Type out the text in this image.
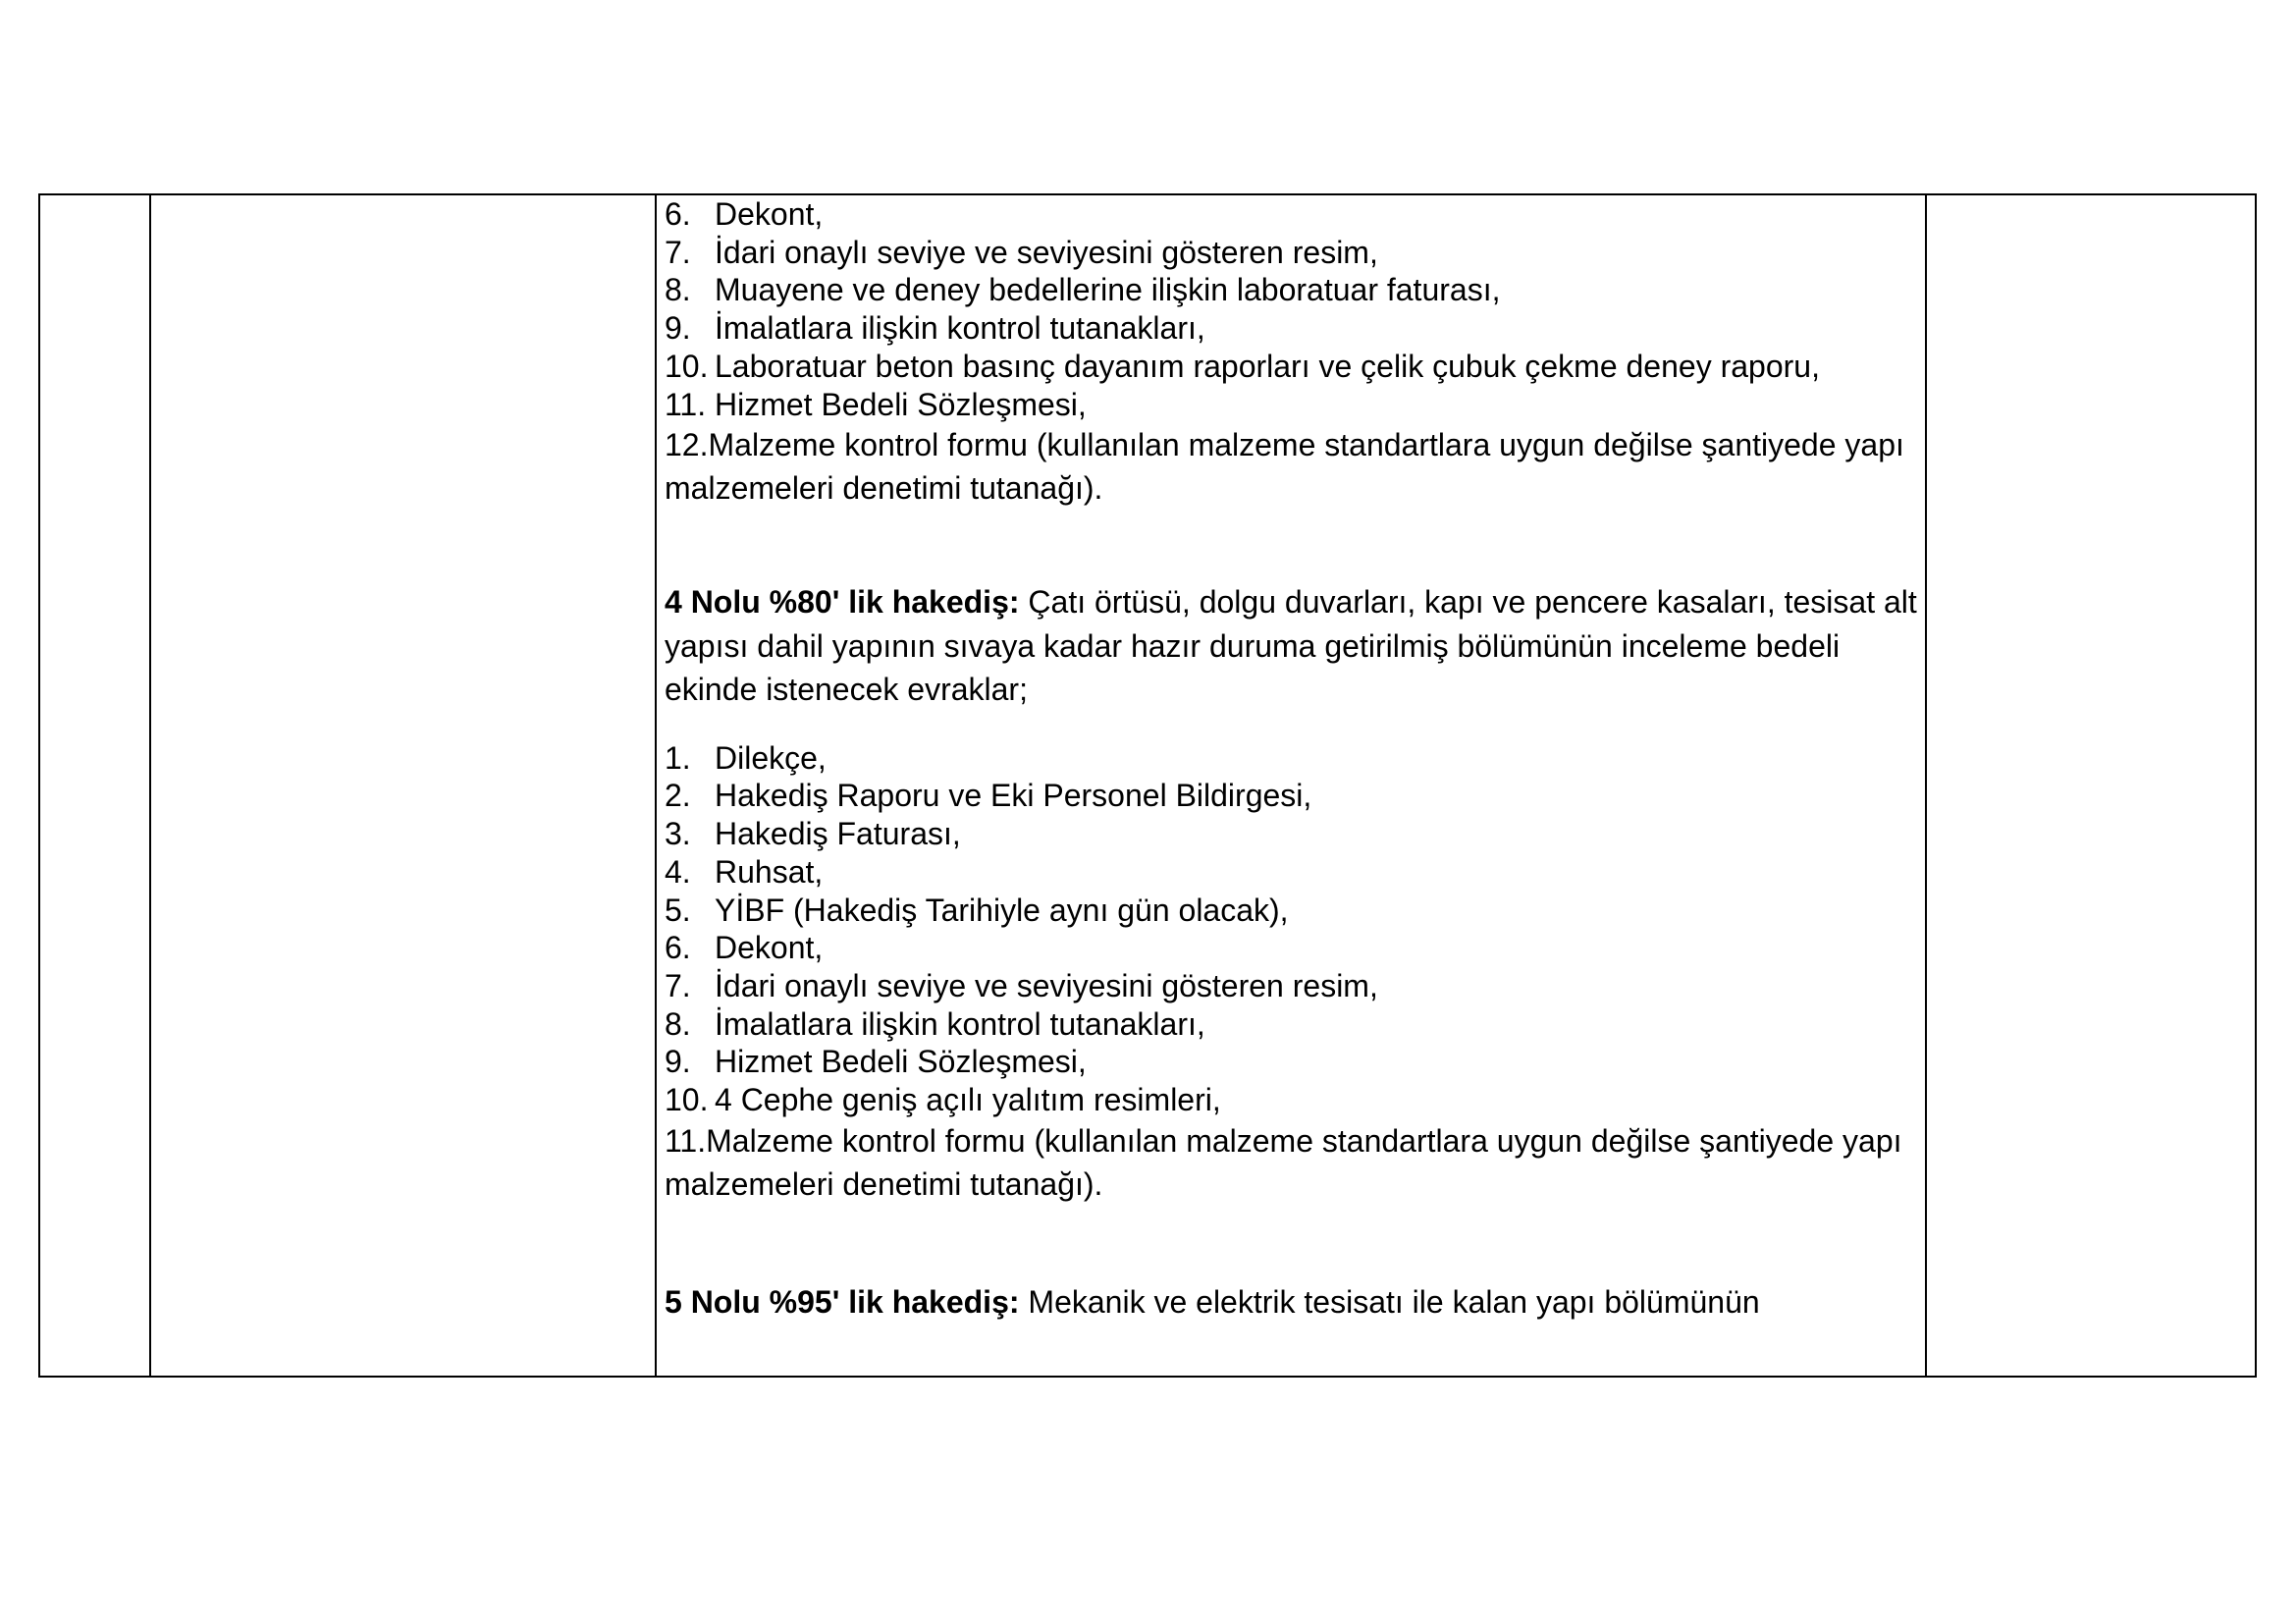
6. Dekont,
7. İdari onaylı seviye ve seviyesini gösteren resim,
8. Muayene ve deney bedellerine ilişkin laboratuar faturası,
9. İmalatlara ilişkin kontrol tutanakları,
10. Laboratuar beton basınç dayanım raporları ve çelik çubuk çekme deney raporu,
11. Hizmet Bedeli Sözleşmesi,
12.Malzeme kontrol formu (kullanılan malzeme standartlara uygun değilse şantiyede yapı malzemeleri denetimi tutanağı).

4 Nolu %80' lik hakediş: Çatı örtüsü, dolgu duvarları, kapı ve pencere kasaları, tesisat alt yapısı dahil yapının sıvaya kadar hazır duruma getirilmiş bölümünün inceleme bedeli ekinde istenecek evraklar;

1. Dilekçe,
2. Hakediş Raporu ve Eki Personel Bildirgesi,
3. Hakediş Faturası,
4. Ruhsat,
5. YİBF (Hakediş Tarihiyle aynı gün olacak),
6. Dekont,
7. İdari onaylı seviye ve seviyesini gösteren resim,
8. İmalatlara ilişkin kontrol tutanakları,
9. Hizmet Bedeli Sözleşmesi,
10. 4 Cephe geniş açılı yalıtım resimleri,
11.Malzeme kontrol formu (kullanılan malzeme standartlara uygun değilse şantiyede yapı malzemeleri denetimi tutanağı).

5 Nolu %95' lik hakediş: Mekanik ve elektrik tesisatı ile kalan yapı bölümünün
